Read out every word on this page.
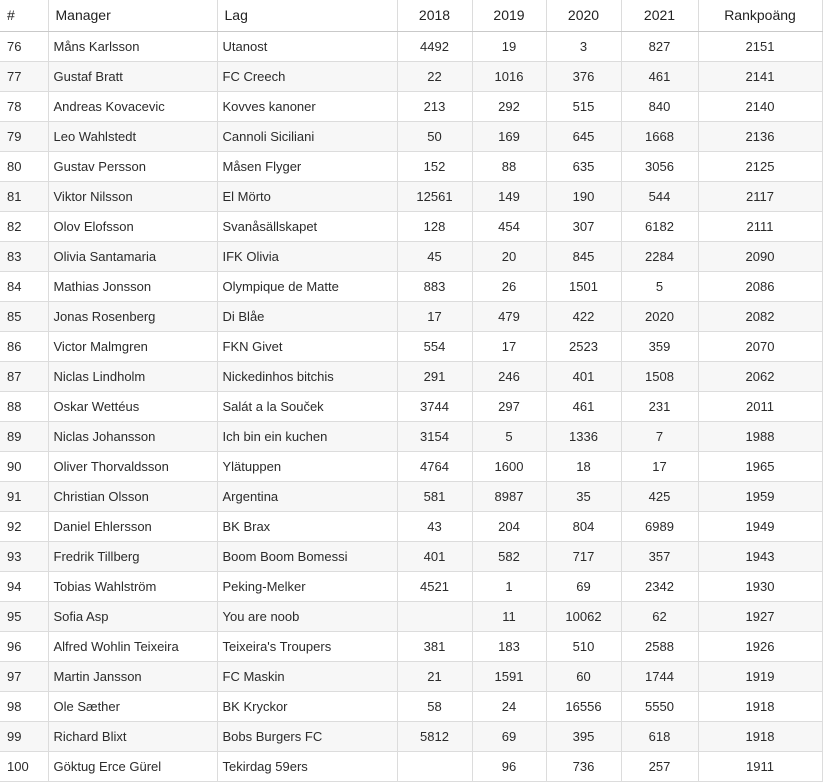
#	Manager	Lag	2018	2019	2020	2021	Rankpoäng
76	Måns Karlsson	Utanost	4492	19	3	827	2151
77	Gustaf Bratt	FC Creech	22	1016	376	461	2141
78	Andreas Kovacevic	Kovves kanoner	213	292	515	840	2140
79	Leo Wahlstedt	Cannoli Siciliani	50	169	645	1668	2136
80	Gustav Persson	Måsen Flyger	152	88	635	3056	2125
81	Viktor Nilsson	El Mörto	12561	149	190	544	2117
82	Olov Elofsson	Svanåsällskapet	128	454	307	6182	2111
83	Olivia Santamaria	IFK Olivia	45	20	845	2284	2090
84	Mathias Jonsson	Olympique de Matte	883	26	1501	5	2086
85	Jonas Rosenberg	Di Blåe	17	479	422	2020	2082
86	Victor Malmgren	FKN Givet	554	17	2523	359	2070
87	Niclas Lindholm	Nickedinhos bitchis	291	246	401	1508	2062
88	Oskar Wettéus	Salát a la Souček	3744	297	461	231	2011
89	Niclas Johansson	Ich bin ein kuchen	3154	5	1336	7	1988
90	Oliver Thorvaldsson	Ylätuppen	4764	1600	18	17	1965
91	Christian Olsson	Argentina	581	8987	35	425	1959
92	Daniel Ehlersson	BK Brax	43	204	804	6989	1949
93	Fredrik Tillberg	Boom Boom Bomessi	401	582	717	357	1943
94	Tobias Wahlström	Peking-Melker	4521	1	69	2342	1930
95	Sofia Asp	You are noob		11	10062	62	1927
96	Alfred Wohlin Teixeira	Teixeira's Troupers	381	183	510	2588	1926
97	Martin Jansson	FC Maskin	21	1591	60	1744	1919
98	Ole Sæther	BK Kryckor	58	24	16556	5550	1918
99	Richard Blixt	Bobs Burgers FC	5812	69	395	618	1918
100	Göktug Erce Gürel	Tekirdag 59ers		96	736	257	1911
